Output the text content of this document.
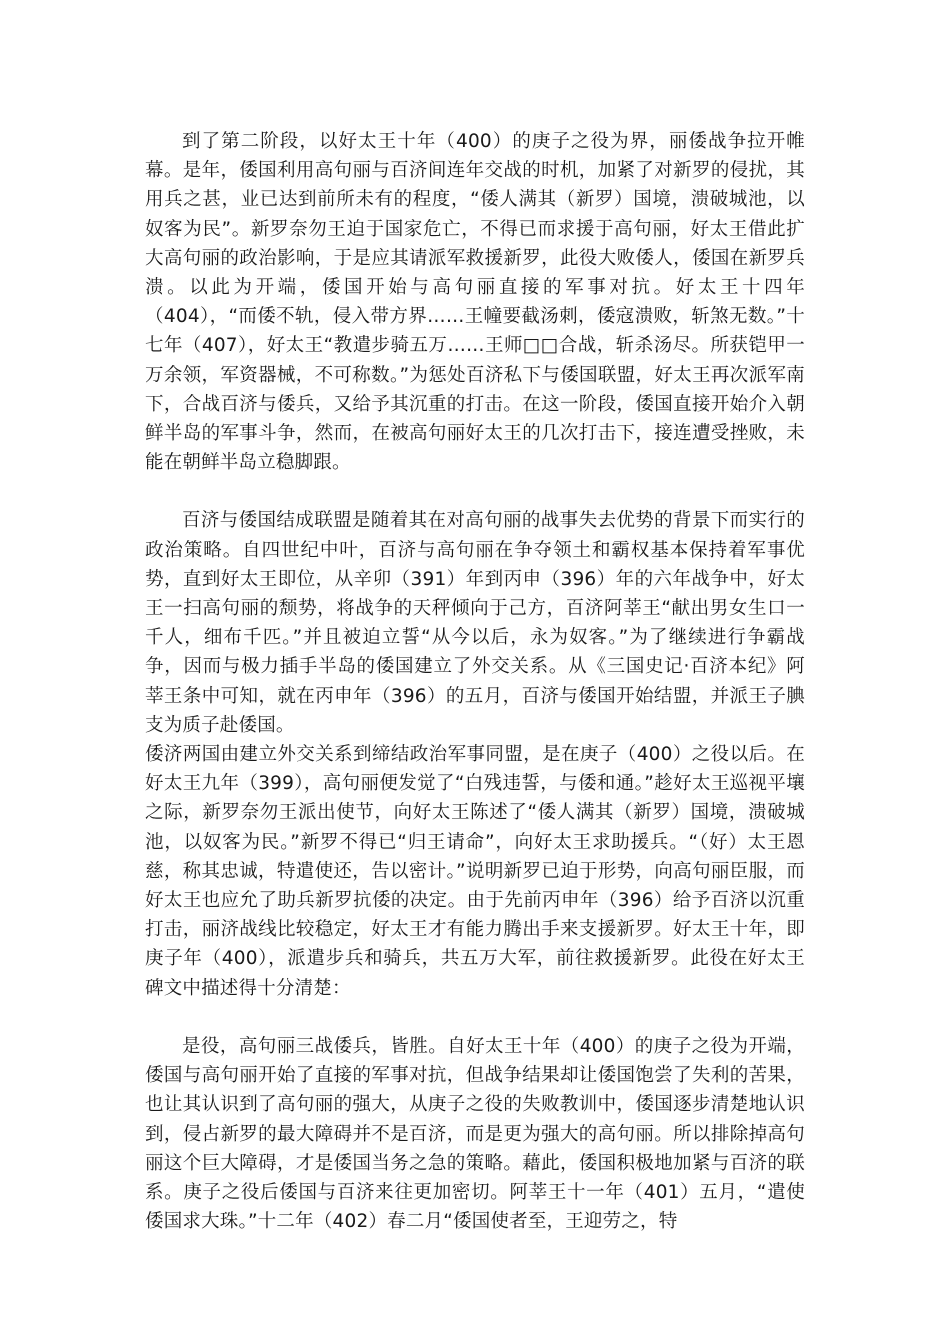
到了第二阶段，以好太王十年（400）的庚子之役为界，丽倭战争拉开帷幕。是年，倭国利用高句丽与百济间连年交战的时机，加紧了对新罗的侵扰，其用兵之甚，业已达到前所未有的程度，“倭人满其（新罗）国境，溃破城池，以奴客为民”。新罗奈勿王迫于国家危亡，不得已而求援于高句丽，好太王借此扩大高句丽的政治影响，于是应其请派军救援新罗，此役大败倭人，倭国在新罗兵溃。以此为开端，倭国开始与高句丽直接的军事对抗。好太王十四年（404），“而倭不轨，侵入带方界……王幢要截汤刺，倭寇溃败，斩煞无数。”十七年（407），好太王“教遣步骑五万……王师□□合战，斩杀汤尽。所获铠甲一万余领，军资器械，不可称数。”为惩处百济私下与倭国联盟，好太王再次派军南下，合战百济与倭兵，又给予其沉重的打击。在这一阶段，倭国直接开始介入朝鲜半岛的军事斗争，然而，在被高句丽好太王的几次打击下，接连遭受挫败，未能在朝鲜半岛立稳脚跟。

百济与倭国结成联盟是随着其在对高句丽的战事失去优势的背景下而实行的政治策略。自四世纪中叶，百济与高句丽在争夺领土和霸权基本保持着军事优势，直到好太王即位，从辛卯（391）年到丙申（396）年的六年战争中，好太王一扫高句丽的颓势，将战争的天秤倾向于己方，百济阿莘王“献出男女生口一千人，细布千匹。”并且被迫立誓“从今以后，永为奴客。”为了继续进行争霸战争，因而与极力插手半岛的倭国建立了外交关系。从《三国史记·百济本纪》阿莘王条中可知，就在丙申年（396）的五月，百济与倭国开始结盟，并派王子腆支为质子赴倭国。

倭济两国由建立外交关系到缔结政治军事同盟，是在庚子（400）之役以后。在好太王九年（399），高句丽便发觉了“白残违誓，与倭和通。”趁好太王巡视平壤之际，新罗奈勿王派出使节，向好太王陈述了“倭人满其（新罗）国境，溃破城池，以奴客为民。”新罗不得已“归王请命”，向好太王求助援兵。“（好）太王恩慈，称其忠诚，特遣使还，告以密计。”说明新罗已迫于形势，向高句丽臣服，而好太王也应允了助兵新罗抗倭的决定。由于先前丙申年（396）给予百济以沉重打击，丽济战线比较稳定，好太王才有能力腾出手来支援新罗。好太王十年，即庚子年（400），派遣步兵和骑兵，共五万大军，前往救援新罗。此役在好太王碑文中描述得十分清楚：

是役，高句丽三战倭兵，皆胜。自好太王十年（400）的庚子之役为开端，倭国与高句丽开始了直接的军事对抗，但战争结果却让倭国饱尝了失利的苦果，也让其认识到了高句丽的强大，从庚子之役的失败教训中，倭国逐步清楚地认识到，侵占新罗的最大障碍并不是百济，而是更为强大的高句丽。所以排除掉高句丽这个巨大障碍，才是倭国当务之急的策略。藉此，倭国积极地加紧与百济的联系。庚子之役后倭国与百济来往更加密切。阿莘王十一年（401）五月，“遣使倭国求大珠。”十二年（402）春二月“倭国使者至，王迎劳之，特
